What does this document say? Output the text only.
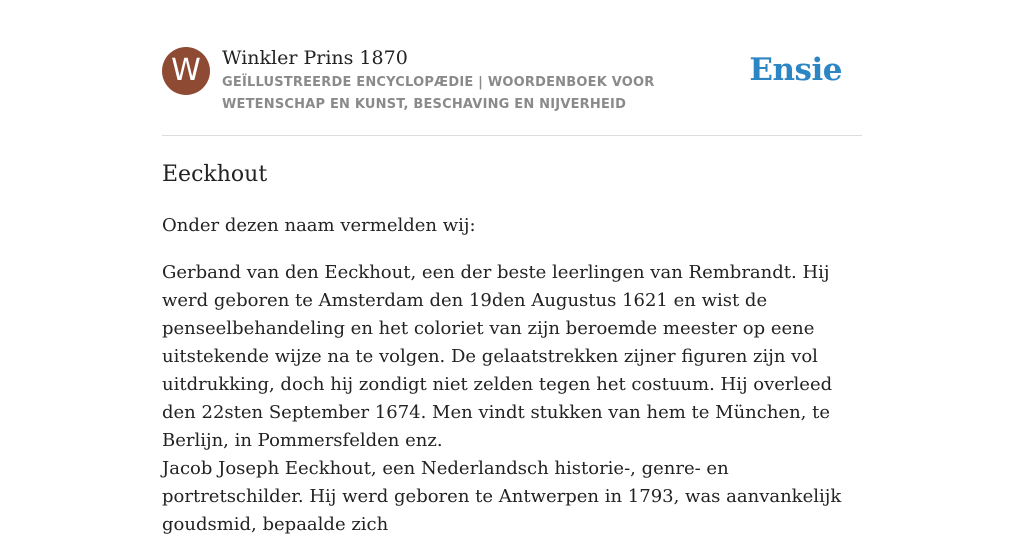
W	Winkler Prins 1870
GEÏLLUSTREERDE ENCYCLOPÆDIE | WOORDENBOEK VOOR WETENSCHAP EN KUNST, BESCHAVING EN NIJVERHEID
Ensie
Eeckhout
Onder dezen naam vermelden wij:

Gerband van den Eeckhout, een der beste leerlingen van Rembrandt. Hij werd geboren te Amsterdam den 19den Augustus 1621 en wist de penseelbehandeling en het coloriet van zijn beroemde meester op eene uitstekende wijze na te volgen. De gelaatstrekken zijner figuren zijn vol uitdrukking, doch hij zondigt niet zelden tegen het costuum. Hij overleed den 22sten September 1674. Men vindt stukken van hem te München, te Berlijn, in Pommersfelden enz.

Jacob Joseph Eeckhout, een Nederlandsch historie-, genre- en portretschilder. Hij werd geboren te Antwerpen in 1793, was aanvankelijk goudsmid, bepaalde zich
